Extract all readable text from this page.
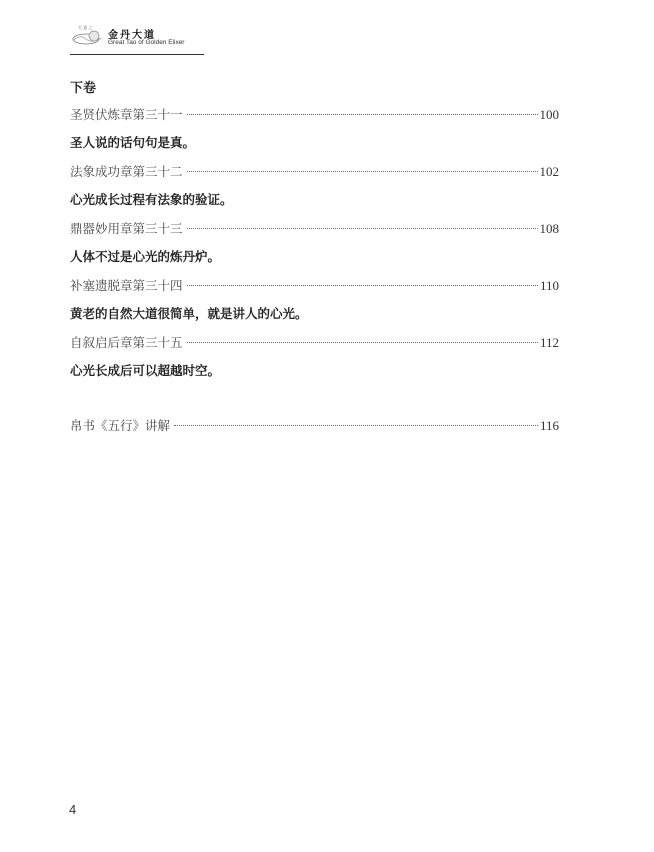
大 意 之
金丹大道
Great Tao of Golden Elixer
下卷
圣贤伏炼章第三十一	100
圣人说的话句句是真。
法象成功章第三十二	102
心光成长过程有法象的验证。
鼎器妙用章第三十三	108
人体不过是心光的炼丹炉。
补塞遗脱章第三十四	110
黄老的自然大道很简单，就是讲人的心光。
自叙启后章第三十五	112
心光长成后可以超越时空。
帛书《五行》讲解	116
4
